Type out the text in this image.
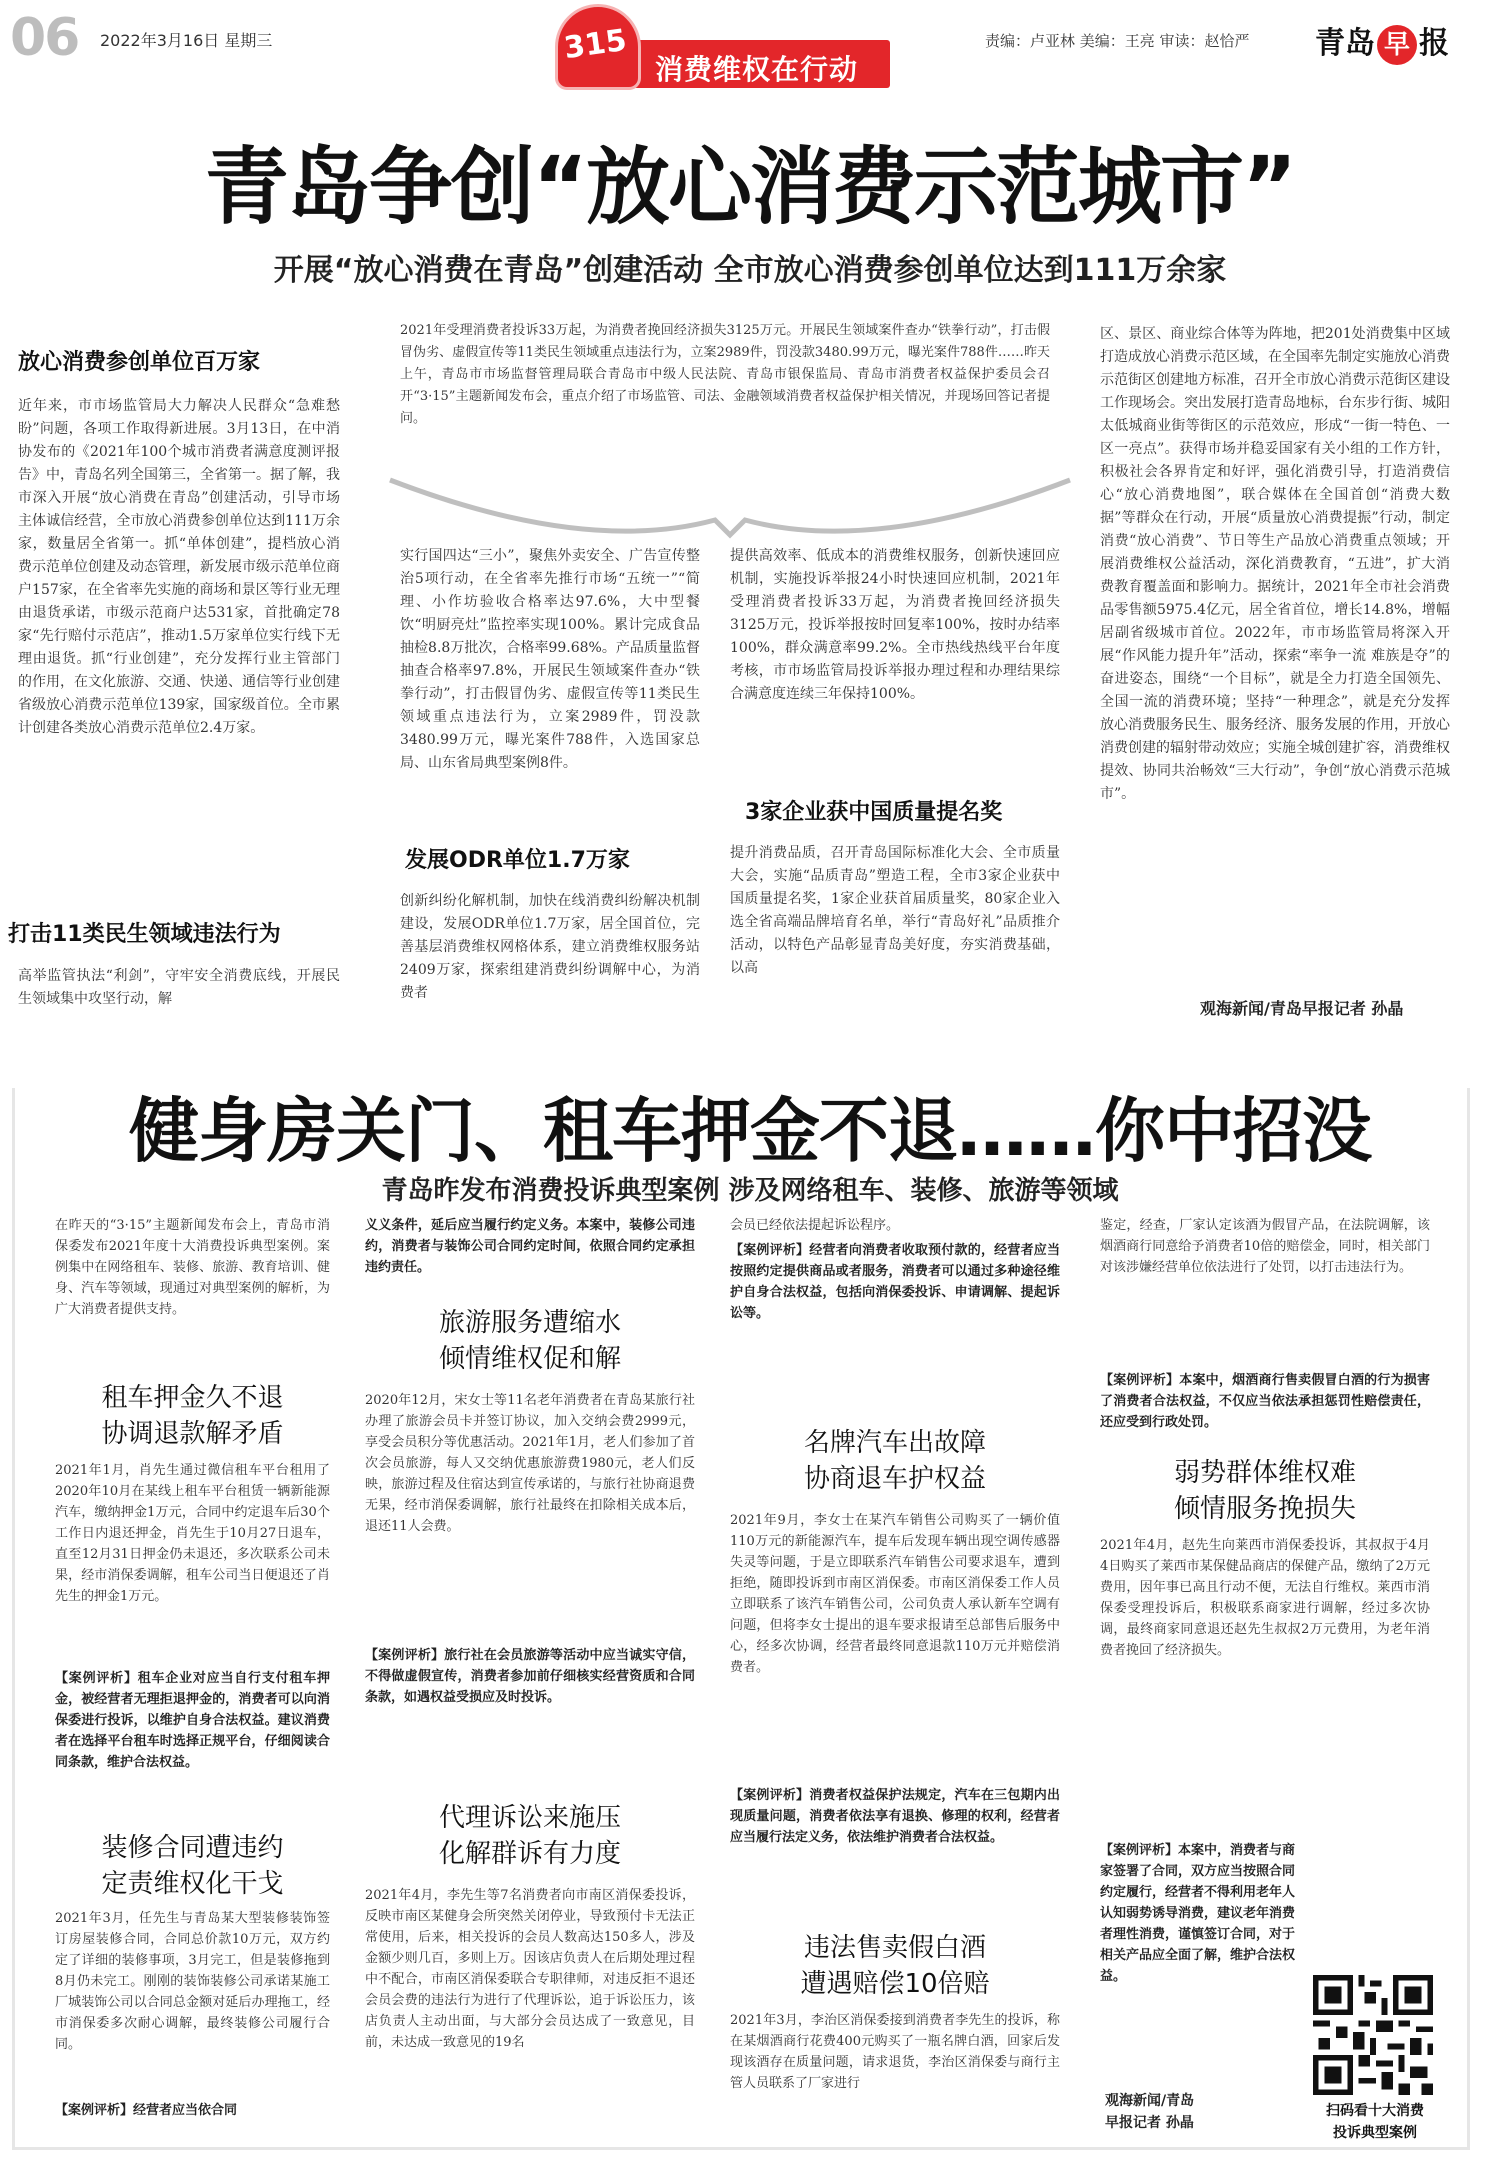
06 2022年3月16日 星期三
消费维权在行动
315	责编：卢亚林 美编：王亮 审读：赵恰严 青岛 早 报
青岛争创“放心消费示范城市”
开展“放心消费在青岛”创建活动 全市放心消费参创单位达到111万余家
放心消费参创单位百万家
近年来，市市场监管局大力解决人民群众“急难愁盼”问题，各项工作取得新进展。3月13日，在中消协发布的《2021年100个城市消费者满意度测评报告》中，青岛名列全国第三，全省第一。据了解，我市深入开展“放心消费在青岛”创建活动，引导市场主体诚信经营，全市放心消费参创单位达到111万余家，数量居全省第一。抓“单体创建”，提档放心消费示范单位创建及动态管理，新发展市级示范单位商户157家，在全省率先实施的商场和景区等行业无理由退货承诺，市级示范商户达531家，首批确定78家“先行赔付示范店”，推动1.5万家单位实行线下无理由退货。抓“行业创建”，充分发挥行业主管部门的作用，在文化旅游、交通、快递、通信等行业创建省级放心消费示范单位139家，国家级首位。全市累计创建各类放心消费示范单位2.4万家。
打击11类民生领域违法行为
高举监管执法“利剑”，守牢安全消费底线，开展民生领域集中攻坚行动，解
2021年受理消费者投诉33万起，为消费者挽回经济损失3125万元。开展民生领域案件查办“铁拳行动”，打击假冒伪劣、虚假宣传等11类民生领域重点违法行为，立案2989件，罚没款3480.99万元，曝光案件788件……昨天上午，青岛市市场监督管理局联合青岛市中级人民法院、青岛市银保监局、青岛市消费者权益保护委员会召开“3·15”主题新闻发布会，重点介绍了市场监管、司法、金融领域消费者权益保护相关情况，并现场回答记者提问。
实行国四达“三小”，聚焦外卖安全、广告宣传整治5项行动，在全省率先推行市场“五统一”“简理、小作坊验收合格率达97.6%，大中型餐饮“明厨亮灶”监控率实现100%。累计完成食品抽检8.8万批次，合格率99.68%。产品质量监督抽查合格率97.8%，开展民生领域案件查办“铁拳行动”，打击假冒伪劣、虚假宣传等11类民生领域重点违法行为，立案2989件，罚没款3480.99万元，曝光案件788件，入选国家总局、山东省局典型案例8件。
发展ODR单位1.7万家
创新纠纷化解机制，加快在线消费纠纷解决机制建设，发展ODR单位1.7万家，居全国首位，完善基层消费维权网格体系，建立消费维权服务站2409万家，探索组建消费纠纷调解中心，为消费者
提供高效率、低成本的消费维权服务，创新快速回应机制，实施投诉举报24小时快速回应机制，2021年受理消费者投诉33万起，为消费者挽回经济损失3125万元，投诉举报按时回复率100%，按时办结率100%，群众满意率99.2%。全市热线热线平台年度考核，市市场监管局投诉举报办理过程和办理结果综合满意度连续三年保持100%。
3家企业获中国质量提名奖
提升消费品质，召开青岛国际标准化大会、全市质量大会，实施“品质青岛”塑造工程，全市3家企业获中国质量提名奖，1家企业获首届质量奖，80家企业入选全省高端品牌培育名单，举行“青岛好礼”品质推介活动，以特色产品彰显青岛美好度，夯实消费基础，以高
区、景区、商业综合体等为阵地，把201处消费集中区域打造成放心消费示范区域，在全国率先制定实施放心消费示范街区创建地方标准，召开全市放心消费示范街区建设工作现场会。突出发展打造青岛地标，台东步行街、城阳太低城商业街等街区的示范效应，形成“一街一特色、一区一亮点”。获得市场并稳妥国家有关小组的工作方针，积极社会各界肯定和好评，强化消费引导，打造消费信心“放心消费地图”，联合媒体在全国首创“消费大数据”等群众在行动，开展“质量放心消费提振”行动，制定消费“放心消费”、节日等生产品放心消费重点领域；开展消费维权公益活动，深化消费教育，“五进”，扩大消费教育覆盖面和影响力。据统计，2021年全市社会消费品零售额5975.4亿元，居全省首位，增长14.8%，增幅居副省级城市首位。2022年，市市场监管局将深入开展“作风能力提升年”活动，探索“率争一流 难族是夺”的奋进姿态，围绕“一个目标”，就是全力打造全国领先、全国一流的消费环境；坚持“一种理念”，就是充分发挥放心消费服务民生、服务经济、服务发展的作用，开放心消费创建的辐射带动效应；实施全城创建扩容，消费维权提效、协同共治畅效“三大行动”，争创“放心消费示范城市”。
观海新闻/青岛早报记者 孙晶
健身房关门、租车押金不退……你中招没
青岛昨发布消费投诉典型案例 涉及网络租车、装修、旅游等领域
在昨天的“3·15”主题新闻发布会上，青岛市消保委发布2021年度十大消费投诉典型案例。案例集中在网络租车、装修、旅游、教育培训、健身、汽车等领域，现通过对典型案例的解析，为广大消费者提供支持。
租车押金久不退
协调退款解矛盾
2021年1月，肖先生通过微信租车平台租用了2020年10月在某线上租车平台租赁一辆新能源汽车，缴纳押金1万元，合同中约定退车后30个工作日内退还押金，肖先生于10月27日退车，直至12月31日押金仍未退还，多次联系公司未果，经市消保委调解，租车公司当日便退还了肖先生的押金1万元。
【案例评析】租车企业对应当自行支付租车押金，被经营者无理拒退押金的，消费者可以向消保委进行投诉，以维护自身合法权益。建议消费者在选择平台租车时选择正规平台，仔细阅读合同条款，维护合法权益。
装修合同遭违约
定责维权化干戈
2021年3月，任先生与青岛某大型装修装饰签订房屋装修合同，合同总价款10万元，双方约定了详细的装修事项，3月完工，但是装修拖到8月仍未完工。刚刚的装饰装修公司承诺某施工厂城装饰公司以合同总金额对延后办理拖工，经市消保委多次耐心调解，最终装修公司履行合同。
【案例评析】经营者应当依合同
义义条件，延后应当履行约定义务。本案中，装修公司违约，消费者与装饰公司合同约定时间，依照合同约定承担违约责任。
旅游服务遭缩水
倾情维权促和解
2020年12月，宋女士等11名老年消费者在青岛某旅行社办理了旅游会员卡并签订协议，加入交纳会费2999元，享受会员积分等优惠活动。2021年1月，老人们参加了首次会员旅游，每人又交纳优惠旅游费1980元，老人们反映，旅游过程及住宿达到宣传承诺的，与旅行社协商退费无果，经市消保委调解，旅行社最终在扣除相关成本后，退还11人会费。
【案例评析】旅行社在会员旅游等活动中应当诚实守信，不得做虚假宣传，消费者参加前仔细核实经营资质和合同条款，如遇权益受损应及时投诉。
代理诉讼来施压
化解群诉有力度
2021年4月，李先生等7名消费者向市南区消保委投诉，反映市南区某健身会所突然关闭停业，导致预付卡无法正常使用，后来，相关投诉的会员人数高达150多人，涉及金额少则几百，多则上万。因该店负责人在后期处理过程中不配合，市南区消保委联合专职律师，对违反拒不退还会员会费的违法行为进行了代理诉讼，追于诉讼压力，该店负责人主动出面，与大部分会员达成了一致意见，目前，未达成一致意见的19名
会员已经依法提起诉讼程序。
【案例评析】经营者向消费者收取预付款的，经营者应当按照约定提供商品或者服务，消费者可以通过多种途径维护自身合法权益，包括向消保委投诉、申请调解、提起诉讼等。
名牌汽车出故障
协商退车护权益
2021年9月，李女士在某汽车销售公司购买了一辆价值110万元的新能源汽车，提车后发现车辆出现空调传感器失灵等问题，于是立即联系汽车销售公司要求退车，遭到拒绝，随即投诉到市南区消保委。市南区消保委工作人员立即联系了该汽车销售公司，公司负责人承认新车空调有问题，但将李女士提出的退车要求报请至总部售后服务中心，经多次协调，经营者最终同意退款110万元并赔偿消费者。
【案例评析】消费者权益保护法规定，汽车在三包期内出现质量问题，消费者依法享有退换、修理的权利，经营者应当履行法定义务，依法维护消费者合法权益。
违法售卖假白酒
遭遇赔偿10倍赔
2021年3月，李治区消保委接到消费者李先生的投诉，称在某烟酒商行花费400元购买了一瓶名牌白酒，回家后发现该酒存在质量问题，请求退货，李治区消保委与商行主管人员联系了厂家进行
鉴定，经查，厂家认定该酒为假冒产品，在法院调解，该烟酒商行同意给予消费者10倍的赔偿金，同时，相关部门对该涉嫌经营单位依法进行了处罚，以打击违法行为。
【案例评析】本案中，烟酒商行售卖假冒白酒的行为损害了消费者合法权益，不仅应当依法承担惩罚性赔偿责任，还应受到行政处罚。
弱势群体维权难
倾情服务挽损失
2021年4月，赵先生向莱西市消保委投诉，其叔叔于4月4日购买了莱西市某保健品商店的保健产品，缴纳了2万元费用，因年事已高且行动不便，无法自行维权。莱西市消保委受理投诉后，积极联系商家进行调解，经过多次协调，最终商家同意退还赵先生叔叔2万元费用，为老年消费者挽回了经济损失。
【案例评析】本案中，消费者与商家签署了合同，双方应当按照合同约定履行，经营者不得利用老年人认知弱势诱导消费，建议老年消费者理性消费，谨慎签订合同，对于相关产品应全面了解，维护合法权益。
观海新闻/青岛
早报记者 孙晶
扫码看十大消费
投诉典型案例
